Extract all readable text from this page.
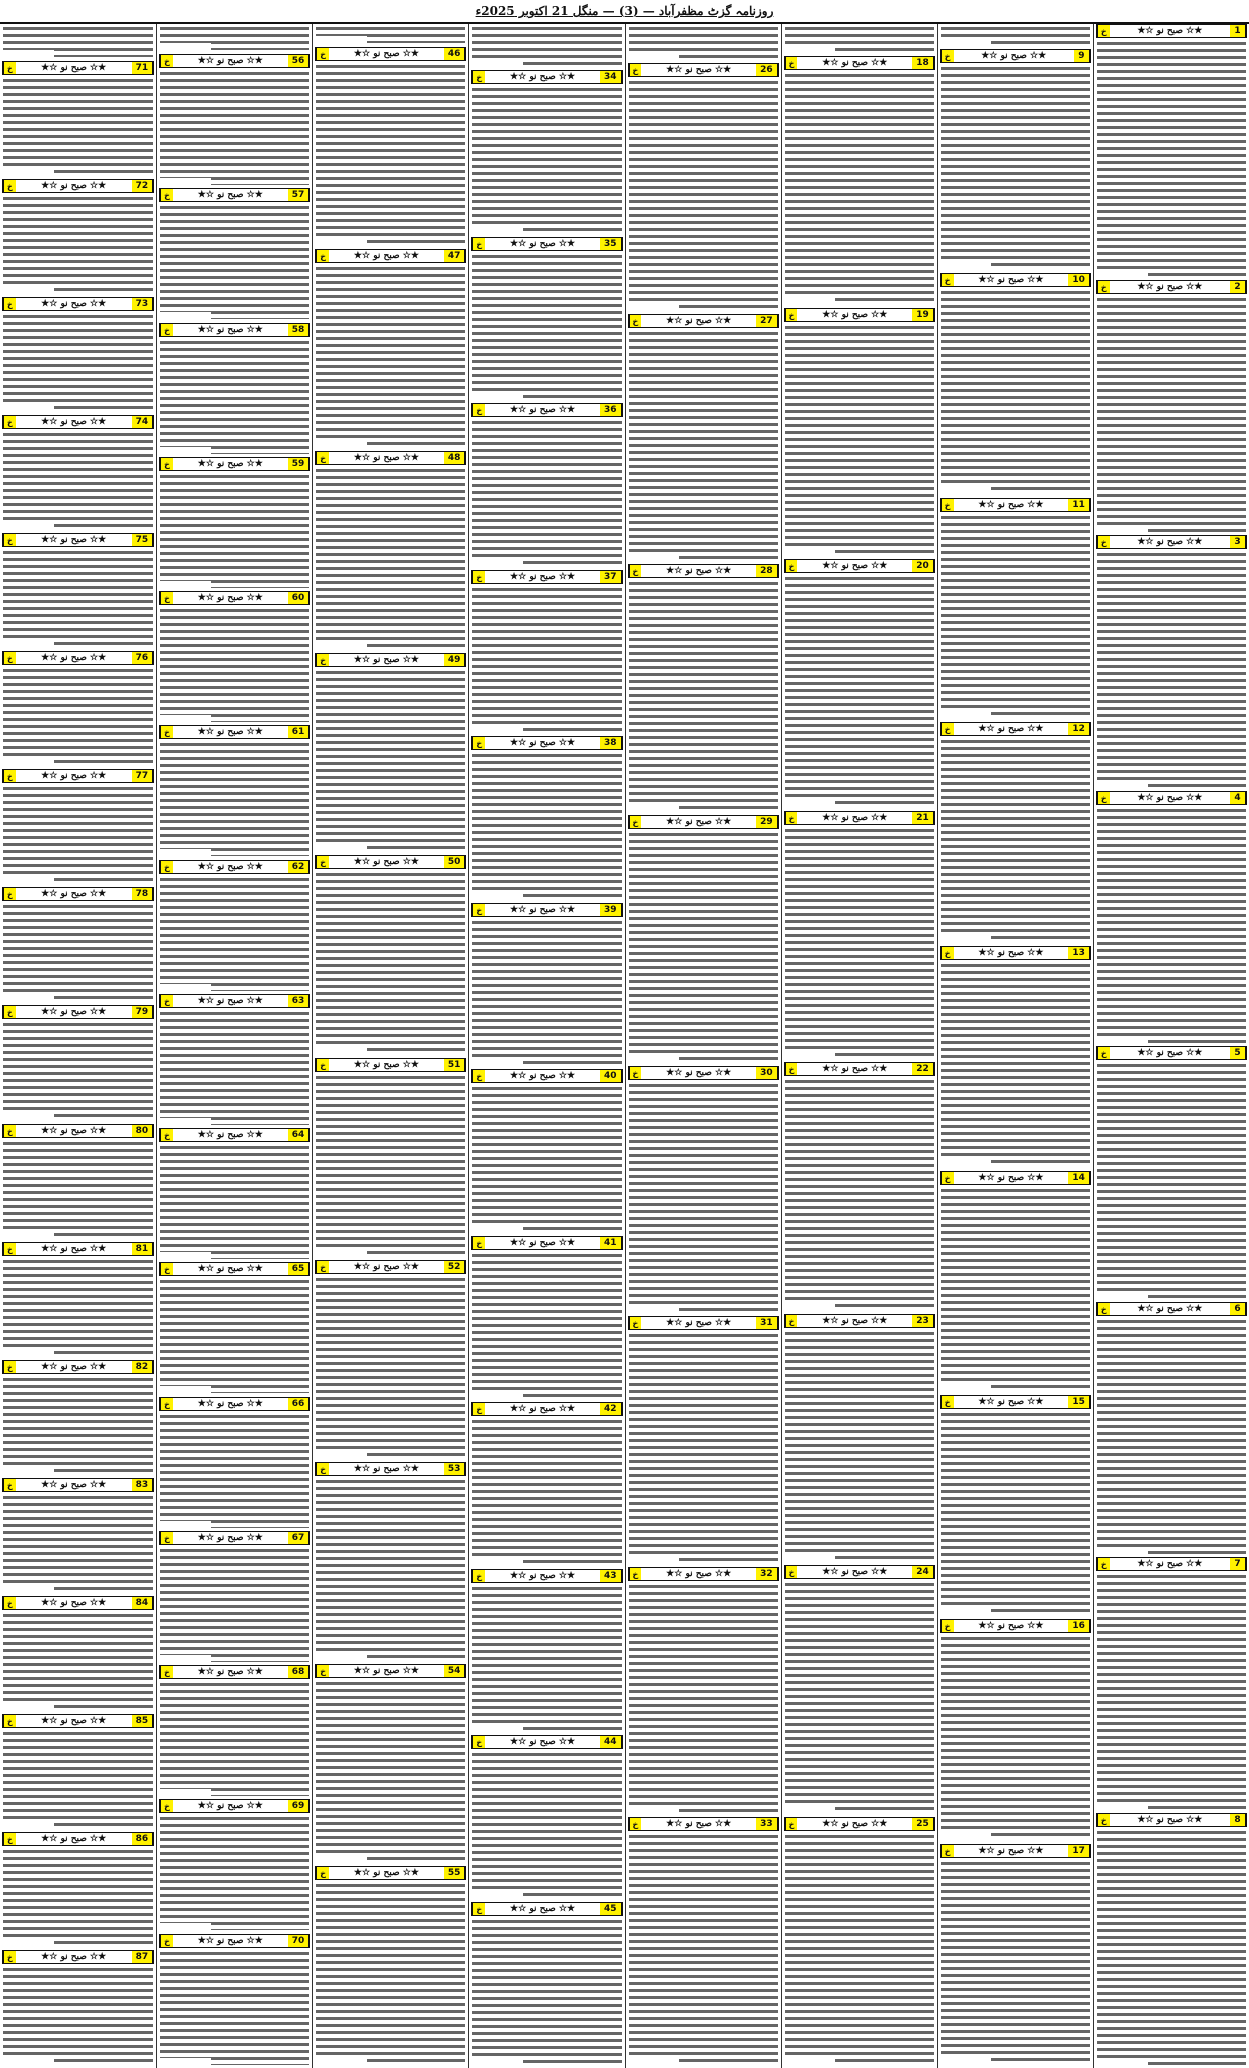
روزنامہ گزٹ مظفرآباد — (3) — منگل 21 اکتوبر 2025ء
خ	★☆ صبح نو ☆★	1
خ	★☆ صبح نو ☆★	2
خ	★☆ صبح نو ☆★	3
خ	★☆ صبح نو ☆★	4
خ	★☆ صبح نو ☆★	5
خ	★☆ صبح نو ☆★	6
خ	★☆ صبح نو ☆★	7
خ	★☆ صبح نو ☆★	8
خ	★☆ صبح نو ☆★	9
خ	★☆ صبح نو ☆★	10
خ	★☆ صبح نو ☆★	11
خ	★☆ صبح نو ☆★	12
خ	★☆ صبح نو ☆★	13
خ	★☆ صبح نو ☆★	14
خ	★☆ صبح نو ☆★	15
خ	★☆ صبح نو ☆★	16
خ	★☆ صبح نو ☆★	17
خ	★☆ صبح نو ☆★	18
خ	★☆ صبح نو ☆★	19
خ	★☆ صبح نو ☆★	20
خ	★☆ صبح نو ☆★	21
خ	★☆ صبح نو ☆★	22
خ	★☆ صبح نو ☆★	23
خ	★☆ صبح نو ☆★	24
خ	★☆ صبح نو ☆★	25
خ	★☆ صبح نو ☆★	26
خ	★☆ صبح نو ☆★	27
خ	★☆ صبح نو ☆★	28
خ	★☆ صبح نو ☆★	29
خ	★☆ صبح نو ☆★	30
خ	★☆ صبح نو ☆★	31
خ	★☆ صبح نو ☆★	32
خ	★☆ صبح نو ☆★	33
خ	★☆ صبح نو ☆★	34
خ	★☆ صبح نو ☆★	35
خ	★☆ صبح نو ☆★	36
خ	★☆ صبح نو ☆★	37
خ	★☆ صبح نو ☆★	38
خ	★☆ صبح نو ☆★	39
خ	★☆ صبح نو ☆★	40
خ	★☆ صبح نو ☆★	41
خ	★☆ صبح نو ☆★	42
خ	★☆ صبح نو ☆★	43
خ	★☆ صبح نو ☆★	44
خ	★☆ صبح نو ☆★	45
خ	★☆ صبح نو ☆★	46
خ	★☆ صبح نو ☆★	47
خ	★☆ صبح نو ☆★	48
خ	★☆ صبح نو ☆★	49
خ	★☆ صبح نو ☆★	50
خ	★☆ صبح نو ☆★	51
خ	★☆ صبح نو ☆★	52
خ	★☆ صبح نو ☆★	53
خ	★☆ صبح نو ☆★	54
خ	★☆ صبح نو ☆★	55
خ	★☆ صبح نو ☆★	56
خ	★☆ صبح نو ☆★	57
خ	★☆ صبح نو ☆★	58
خ	★☆ صبح نو ☆★	59
خ	★☆ صبح نو ☆★	60
خ	★☆ صبح نو ☆★	61
خ	★☆ صبح نو ☆★	62
خ	★☆ صبح نو ☆★	63
خ	★☆ صبح نو ☆★	64
خ	★☆ صبح نو ☆★	65
خ	★☆ صبح نو ☆★	66
خ	★☆ صبح نو ☆★	67
خ	★☆ صبح نو ☆★	68
خ	★☆ صبح نو ☆★	69
خ	★☆ صبح نو ☆★	70
خ	★☆ صبح نو ☆★	71
خ	★☆ صبح نو ☆★	72
خ	★☆ صبح نو ☆★	73
خ	★☆ صبح نو ☆★	74
خ	★☆ صبح نو ☆★	75
خ	★☆ صبح نو ☆★	76
خ	★☆ صبح نو ☆★	77
خ	★☆ صبح نو ☆★	78
خ	★☆ صبح نو ☆★	79
خ	★☆ صبح نو ☆★	80
خ	★☆ صبح نو ☆★	81
خ	★☆ صبح نو ☆★	82
خ	★☆ صبح نو ☆★	83
خ	★☆ صبح نو ☆★	84
خ	★☆ صبح نو ☆★	85
خ	★☆ صبح نو ☆★	86
خ	★☆ صبح نو ☆★	87
